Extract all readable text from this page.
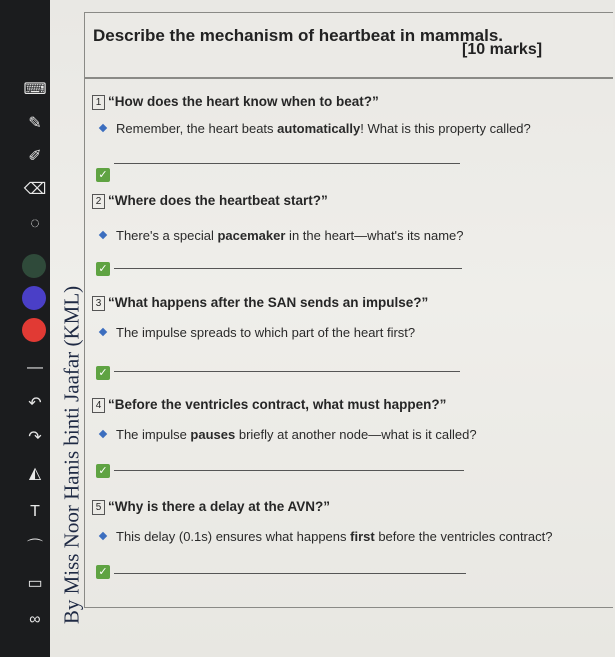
⌨
✎
✐
⌫
◌
—
↶
↷
◭
T
⌒
▭
∞
Describe the mechanism of heartbeat in mammals.
[10 marks]
By Miss Noor Hanis binti Jaafar (KML)
1 “How does the heart know when to beat?”
Remember, the heart beats automatically! What is this property called?
✓
2 “Where does the heartbeat start?”
There's a special pacemaker in the heart—what's its name?
✓
3 “What happens after the SAN sends an impulse?”
The impulse spreads to which part of the heart first?
✓
4 “Before the ventricles contract, what must happen?”
The impulse pauses briefly at another node—what is it called?
✓
5 “Why is there a delay at the AVN?”
This delay (0.1s) ensures what happens first before the ventricles contract?
✓
